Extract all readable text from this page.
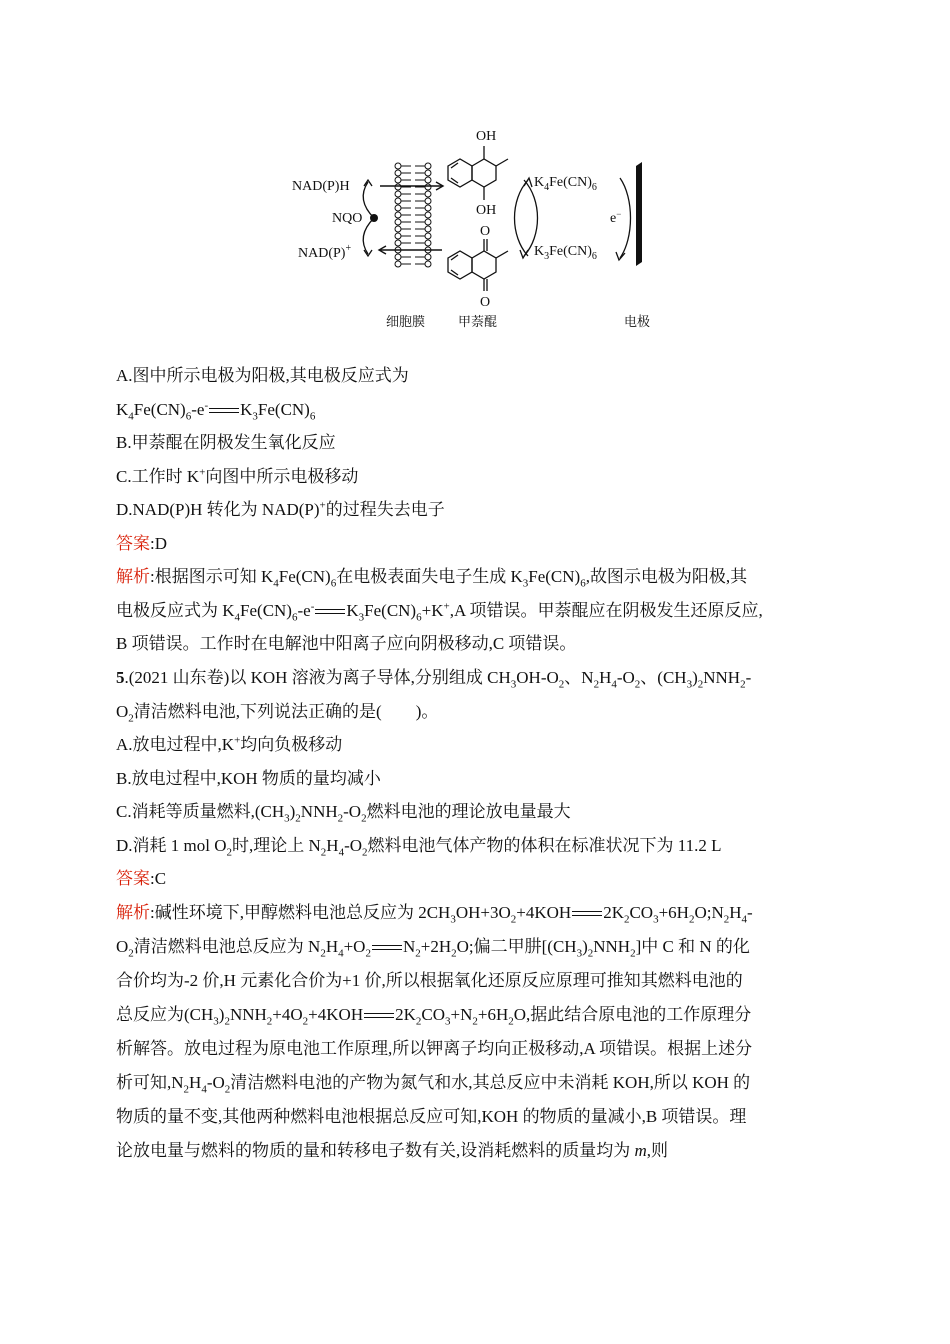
NAD(P)H
NQO
NAD(P)+
OH
OH
O
O
$K_4Fe(CN)_6$
$K_3Fe(CN)_6$
e−
细胞膜	甲萘醌	电极
A.图中所示电极为阳极,其电极反应式为
$K_4Fe(CN)_6-e^-$ $K_3Fe(CN)_6$
B.甲萘醌在阴极发生氧化反应
C.工作时 K+向图中所示电极移动
D.NAD(P)H 转化为 NAD(P)+的过程失去电子
答案:D
解析:根据图示可知 $K_4Fe(CN)_6$在电极表面失电子生成 $K_3Fe(CN)_6$,故图示电极为阳极,其
电极反应式为 $K_4Fe(CN)_6-e^-$ $K_3Fe(CN)_6+K^+,A$ 项错误。甲萘醌应在阴极发生还原反应,
B 项错误。工作时在电解池中阳离子应向阴极移动,C 项错误。
5.(2021 山东卷)以 KOH 溶液为离子导体,分别组成 $CH_3OH-O_2$、$N_2H_4-O_2$、$(CH_3)_2NNH_2-$
$O_2$清洁燃料电池,下列说法正确的是(　　)。
A.放电过程中,K+均向负极移动
B.放电过程中,KOH 物质的量均减小
C.消耗等质量燃料$,(CH_3)_2NNH_2-O_2$燃料电池的理论放电量最大
D.消耗 1 mol $O_2$时,理论上 $N_2H_4-O_2$燃料电池气体产物的体积在标准状况下为 11.2 L
答案:C
解析:碱性环境下,甲醇燃料电池总反应为 $2CH_3OH+3O_2+4KOH$ $2K_2CO_3+6H_2O;N_2H_4-$
$O_2$清洁燃料电池总反应为 $N_2H_4+O_2$ $N_2+2H_2O$;偏二甲肼$[(CH_3)_2NNH_2]$中 C 和 N 的化
合价均为-2 价,H 元素化合价为+1 价,所以根据氧化还原反应原理可推知其燃料电池的
总反应为$(CH_3)_2NNH_2+4O_2+4KOH$ $2K_2CO_3+N_2+6H_2O$,据此结合原电池的工作原理分
析解答。放电过程为原电池工作原理,所以钾离子均向正极移动,A 项错误。根据上述分
析可知$,N_2H_4-O_2$清洁燃料电池的产物为氮气和水,其总反应中未消耗 KOH,所以 KOH 的
物质的量不变,其他两种燃料电池根据总反应可知,KOH 的物质的量减小,B 项错误。理
论放电量与燃料的物质的量和转移电子数有关,设消耗燃料的质量均为 m,则
